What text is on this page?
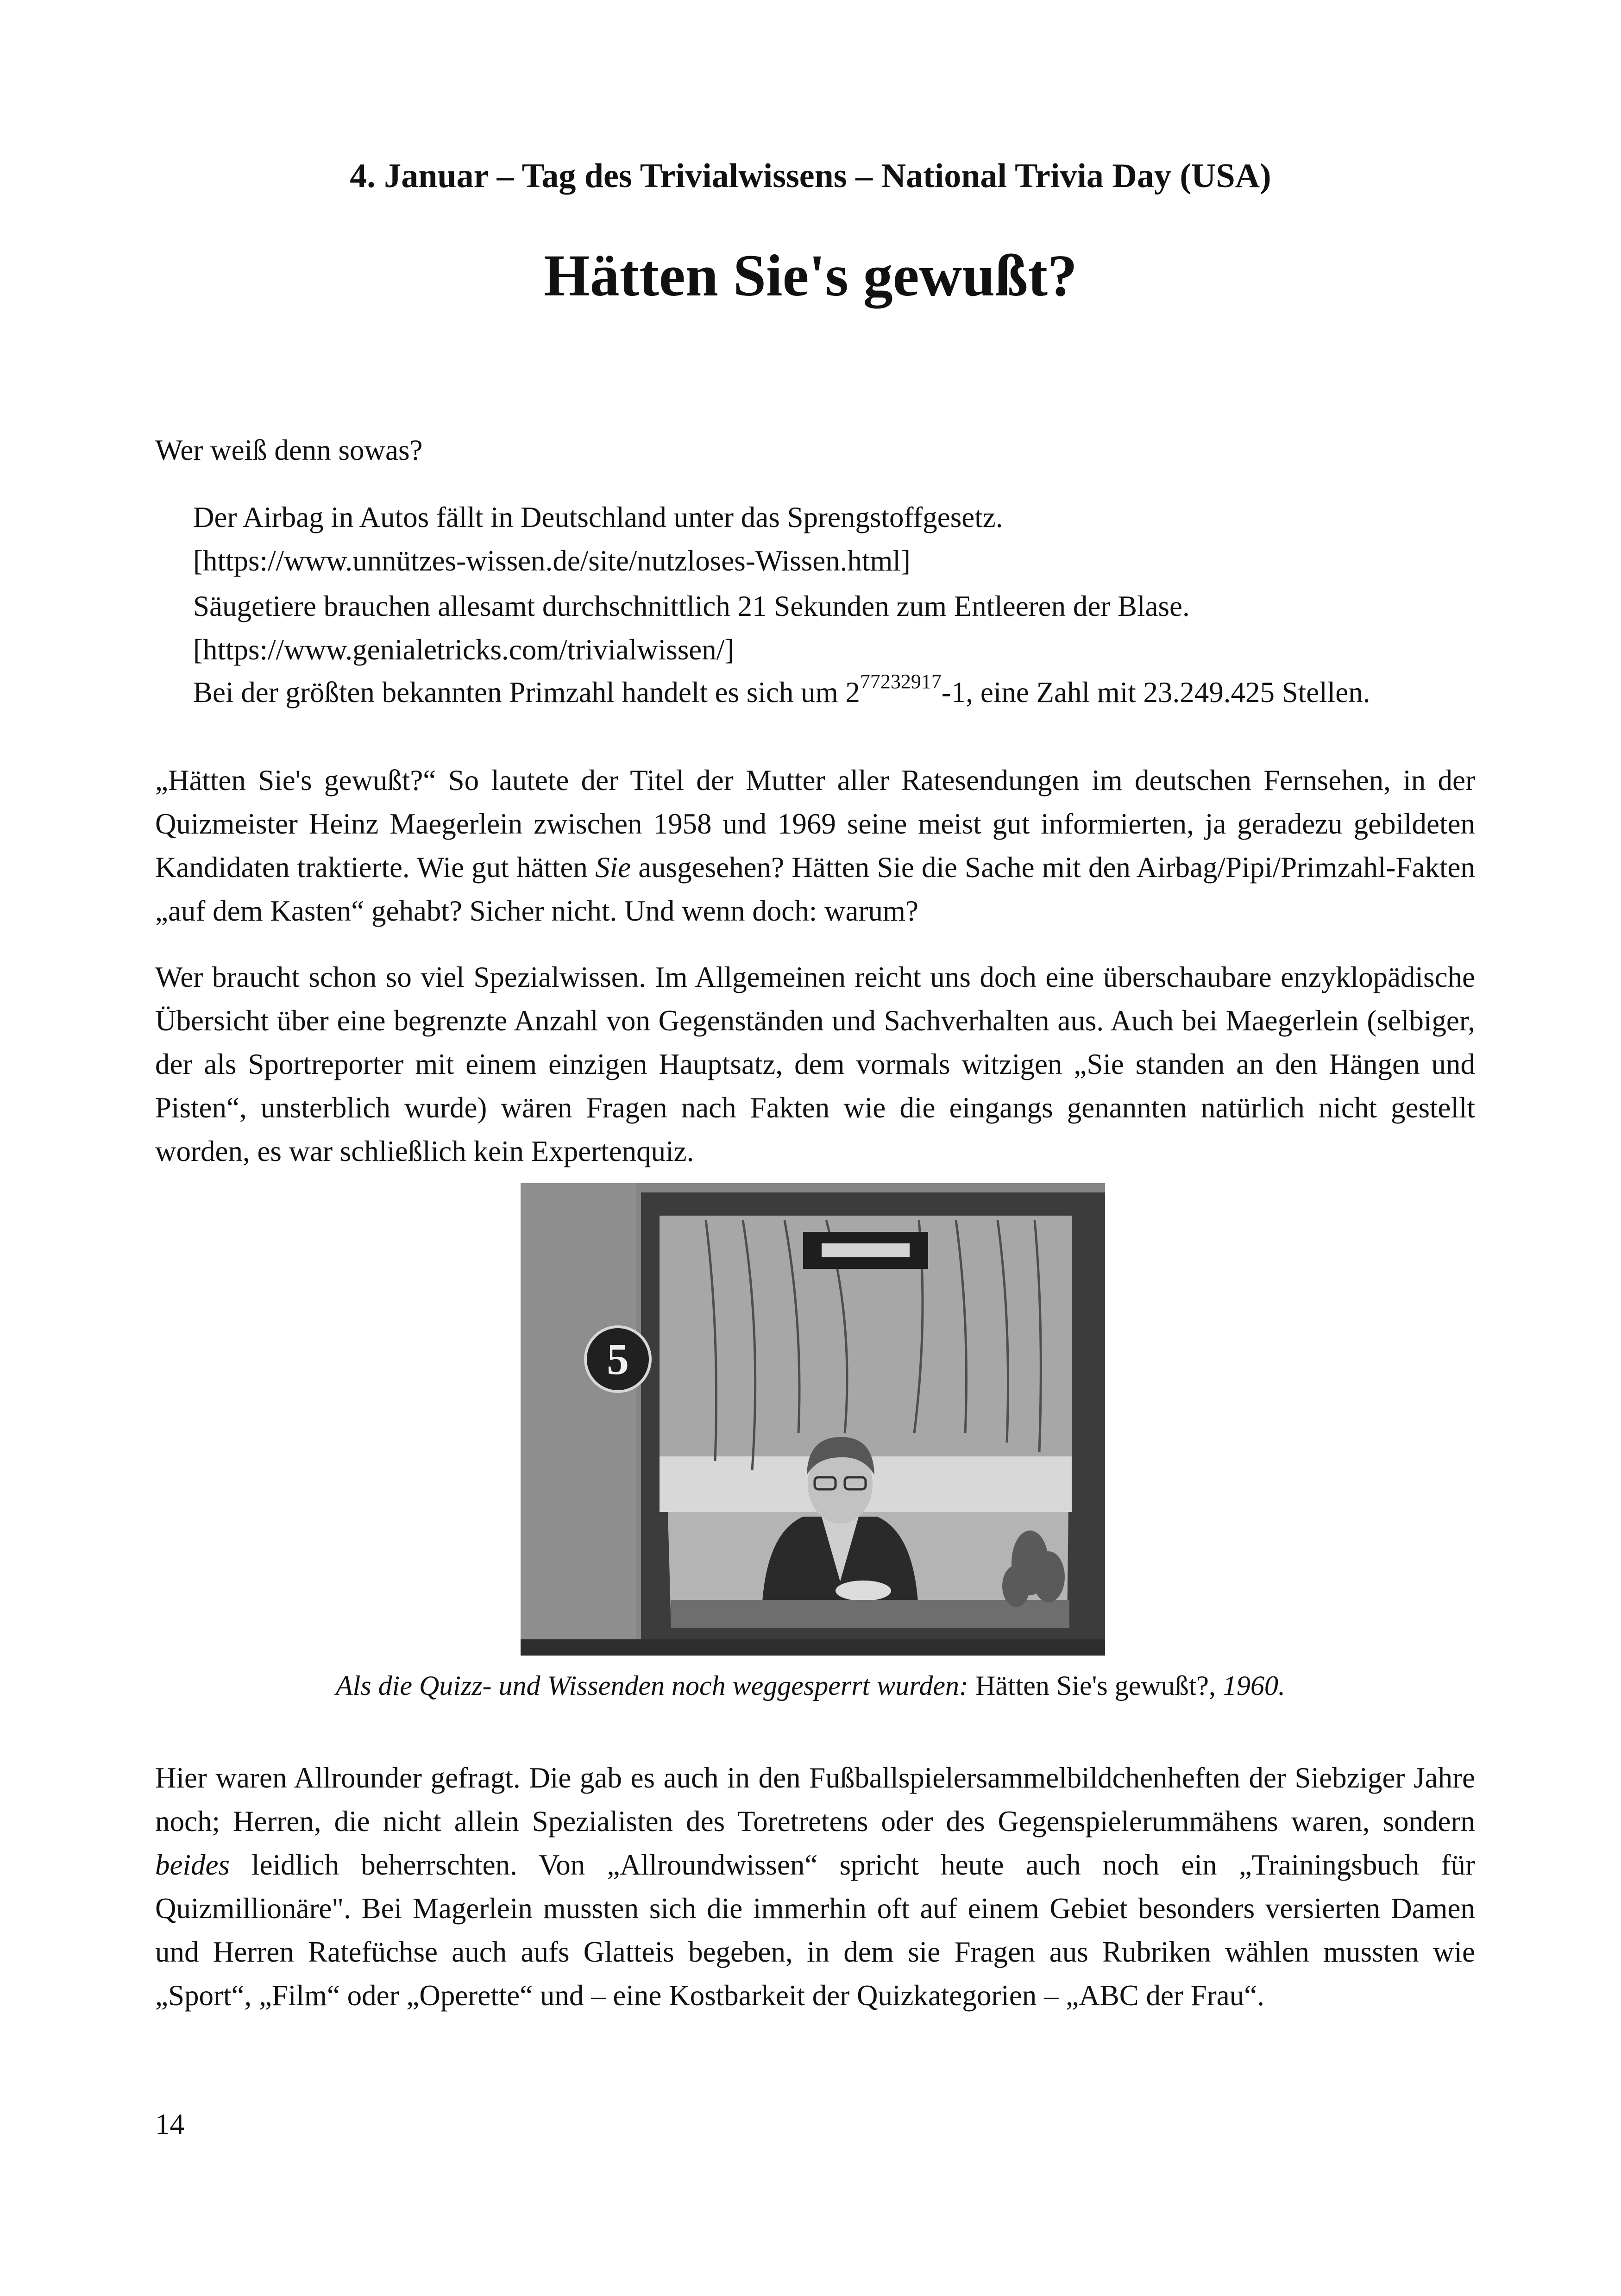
4. Januar – Tag des Trivialwissens – National Trivia Day (USA)
Hätten Sie's gewußt?
Wer weiß denn sowas?
Der Airbag in Autos fällt in Deutschland unter das Sprengstoffgesetz.
[https://www.unnützes-wissen.de/site/nutzloses-Wissen.html]
Säugetiere brauchen allesamt durchschnittlich 21 Sekunden zum Entleeren der Blase.
[https://www.genialetricks.com/trivialwissen/]
Bei der größten bekannten Primzahl handelt es sich um $2^{77232917}-1$, eine Zahl mit 23.249.425 Stellen.
„Hätten Sie's gewußt?“ So lautete der Titel der Mutter aller Ratesendungen im deutschen Fernsehen, in der Quizmeister Heinz Maegerlein zwischen 1958 und 1969 seine meist gut informierten, ja geradezu gebildeten Kandidaten traktierte. Wie gut hätten Sie ausgesehen? Hätten Sie die Sache mit den Airbag/Pipi/Primzahl-Fakten „auf dem Kasten“ gehabt? Sicher nicht. Und wenn doch: warum?
Wer braucht schon so viel Spezialwissen. Im Allgemeinen reicht uns doch eine überschaubare enzyklopädische Übersicht über eine begrenzte Anzahl von Gegenständen und Sachverhalten aus. Auch bei Maegerlein (selbiger, der als Sportreporter mit einem einzigen Hauptsatz, dem vormals witzigen „Sie standen an den Hängen und Pisten“, unsterblich wurde) wären Fragen nach Fakten wie die eingangs genannten natürlich nicht gestellt worden, es war schließlich kein Expertenquiz.
5
Als die Quizz- und Wissenden noch weggesperrt wurden: Hätten Sie's gewußt?, 1960.
Hier waren Allrounder gefragt. Die gab es auch in den Fußballspielersammelbildchenheften der Siebziger Jahre noch; Herren, die nicht allein Spezialisten des Toretretens oder des Gegenspielerummähens waren, sondern beides leidlich beherrschten. Von „Allroundwissen“ spricht heute auch noch ein „Trainingsbuch für Quizmillionäre". Bei Magerlein mussten sich die immerhin oft auf einem Gebiet besonders versierten Damen und Herren Ratefüchse auch aufs Glatteis begeben, in dem sie Fragen aus Rubriken wählen mussten wie „Sport“, „Film“ oder „Operette“ und – eine Kostbarkeit der Quizkategorien – „ABC der Frau“.
14
